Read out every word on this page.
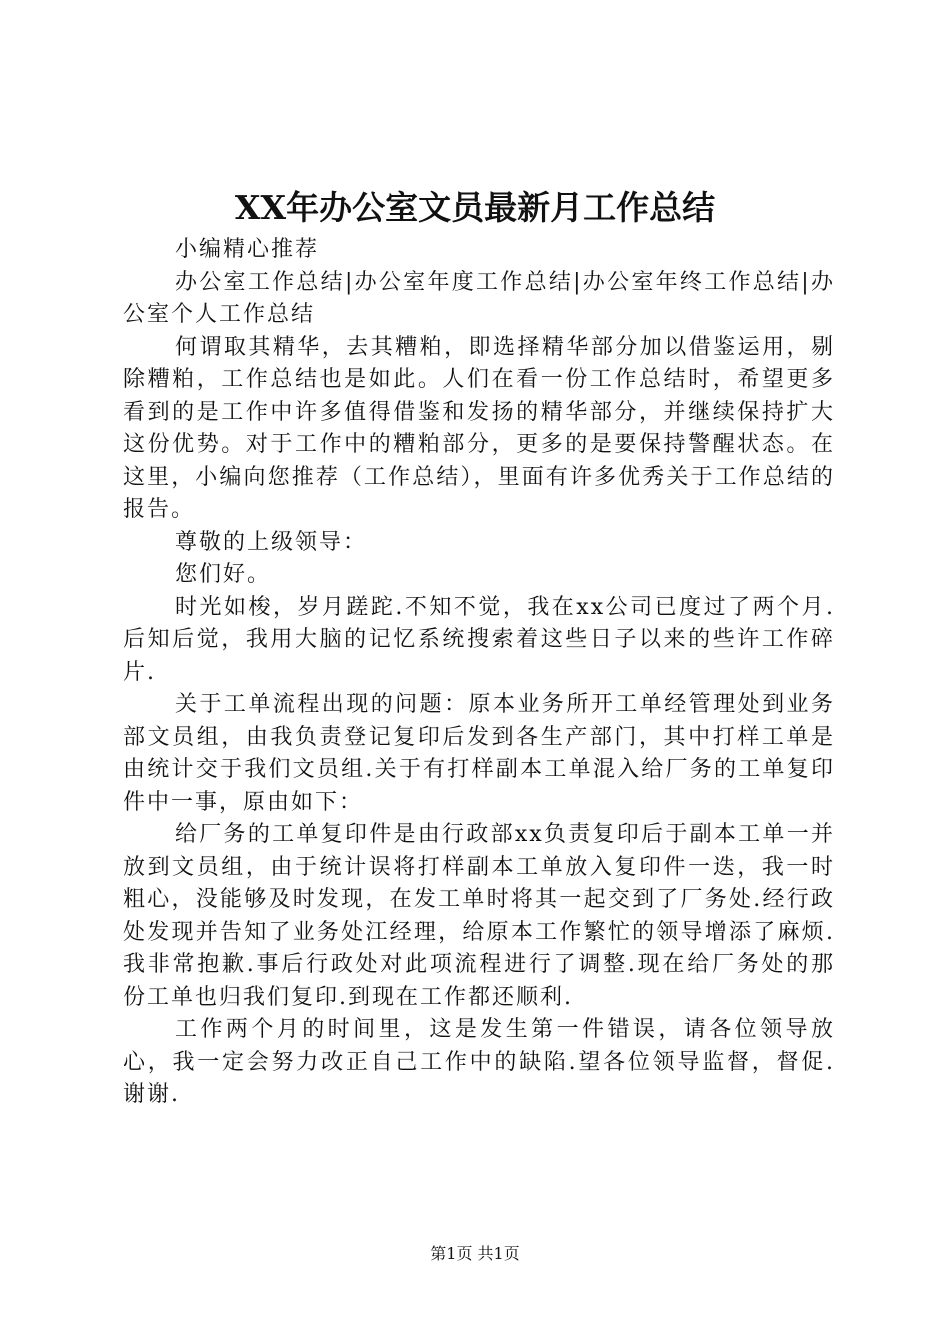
XX年办公室文员最新月工作总结

小编精心推荐

办公室工作总结|办公室年度工作总结|办公室年终工作总结|办公室个人工作总结

何谓取其精华，去其糟粕，即选择精华部分加以借鉴运用，剔除糟粕，工作总结也是如此。人们在看一份工作总结时，希望更多看到的是工作中许多值得借鉴和发扬的精华部分，并继续保持扩大这份优势。对于工作中的糟粕部分，更多的是要保持警醒状态。在这里，小编向您推荐（工作总结），里面有许多优秀关于工作总结的报告。

尊敬的上级领导：

您们好。

时光如梭，岁月蹉跎.不知不觉，我在xx公司已度过了两个月.后知后觉，我用大脑的记忆系统搜索着这些日子以来的些许工作碎片.

关于工单流程出现的问题：原本业务所开工单经管理处到业务部文员组，由我负责登记复印后发到各生产部门，其中打样工单是由统计交于我们文员组.关于有打样副本工单混入给厂务的工单复印件中一事，原由如下：

给厂务的工单复印件是由行政部xx负责复印后于副本工单一并放到文员组，由于统计误将打样副本工单放入复印件一迭，我一时粗心，没能够及时发现，在发工单时将其一起交到了厂务处.经行政处发现并告知了业务处江经理，给原本工作繁忙的领导增添了麻烦.我非常抱歉.事后行政处对此项流程进行了调整.现在给厂务处的那份工单也归我们复印.到现在工作都还顺利.

工作两个月的时间里，这是发生第一件错误，请各位领导放心，我一定会努力改正自己工作中的缺陷.望各位领导监督，督促.谢谢.

第1页 共1页
